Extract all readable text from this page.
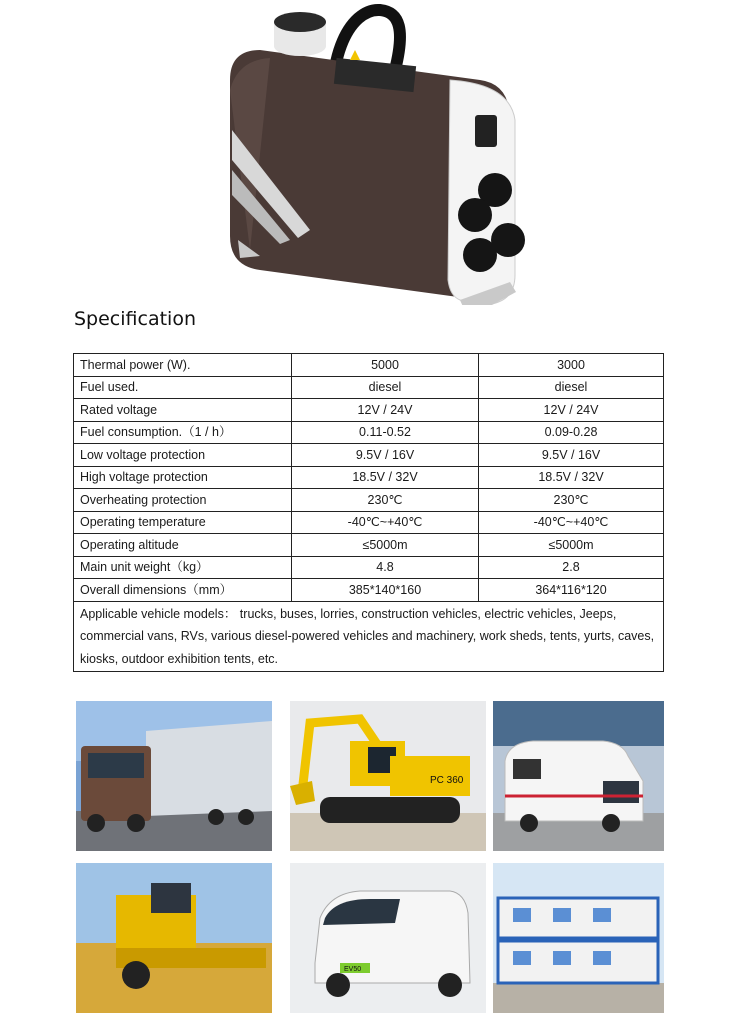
Specification
Thermal power (W).	5000	3000
Fuel used.	diesel	diesel
Rated voltage	12V / 24V	12V / 24V
Fuel consumption.（1 / h）	0.11-0.52	0.09-0.28
Low voltage protection	9.5V / 16V	9.5V / 16V
High voltage protection	18.5V / 32V	18.5V / 32V
Overheating protection	230℃	230℃
Operating temperature	-40℃~+40℃	-40℃~+40℃
Operating altitude	≤5000m	≤5000m
Main unit weight（kg）	4.8	2.8
Overall dimensions（mm）	385*140*160	364*116*120
Applicable vehicle models： trucks, buses, lorries, construction vehicles, electric vehicles, Jeeps, commercial vans, RVs, various diesel-powered vehicles and machinery, work sheds, tents, yurts, caves, kiosks, outdoor exhibition tents, etc.		
PC 360
EV50
